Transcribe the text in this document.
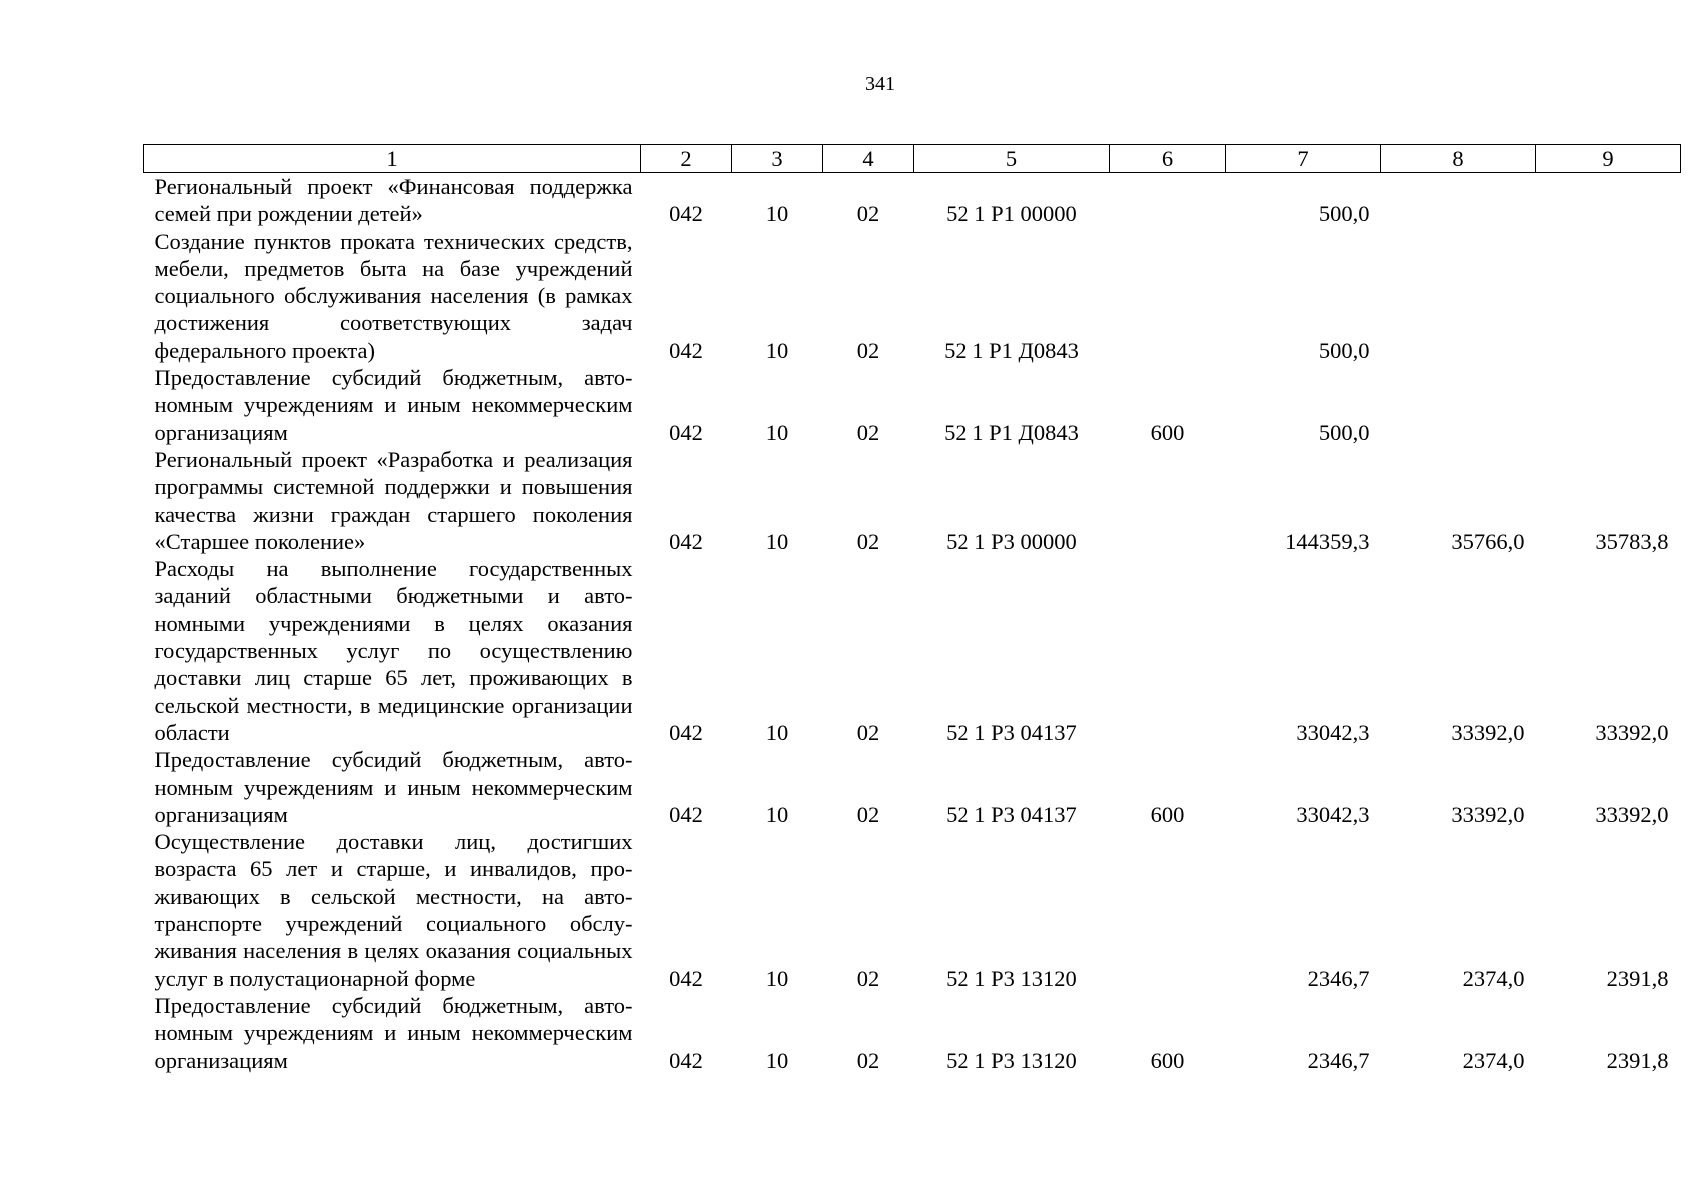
341
1	2	3	4	5	6	7	8	9
Региональный проект «Финансовая поддержка семей при рождении детей»	042	10	02	52 1 Р1 00000		500,0		
Создание пунктов проката технических средств, мебели, предметов быта на базе учреждений социального обслуживания населения (в рамках достижения соответствующих задач федерального проекта)	042	10	02	52 1 Р1 Д0843		500,0		
Предоставление субсидий бюджетным, автономным учреждениям и иным некоммерческим организациям	042	10	02	52 1 Р1 Д0843	600	500,0		
Региональный проект «Разработка и реализация программы системной поддержки и повышения качества жизни граждан старшего поколения «Старшее поколение»	042	10	02	52 1 Р3 00000		144359,3	35766,0	35783,8
Расходы на выполнение государственных заданий областными бюджетными и автономными учреждениями в целях оказания государственных услуг по осуществлению доставки лиц старше 65 лет, проживающих в сельской местности, в медицинские организации области	042	10	02	52 1 Р3 04137		33042,3	33392,0	33392,0
Предоставление субсидий бюджетным, автономным учреждениям и иным некоммерческим организациям	042	10	02	52 1 Р3 04137	600	33042,3	33392,0	33392,0
Осуществление доставки лиц, достигших возраста 65 лет и старше, и инвалидов, проживающих в сельской местности, на автотранспорте учреждений социального обслуживания населения в целях оказания социальных услуг в полустационарной форме	042	10	02	52 1 Р3 13120		2346,7	2374,0	2391,8
Предоставление субсидий бюджетным, автономным учреждениям и иным некоммерческим организациям	042	10	02	52 1 Р3 13120	600	2346,7	2374,0	2391,8
